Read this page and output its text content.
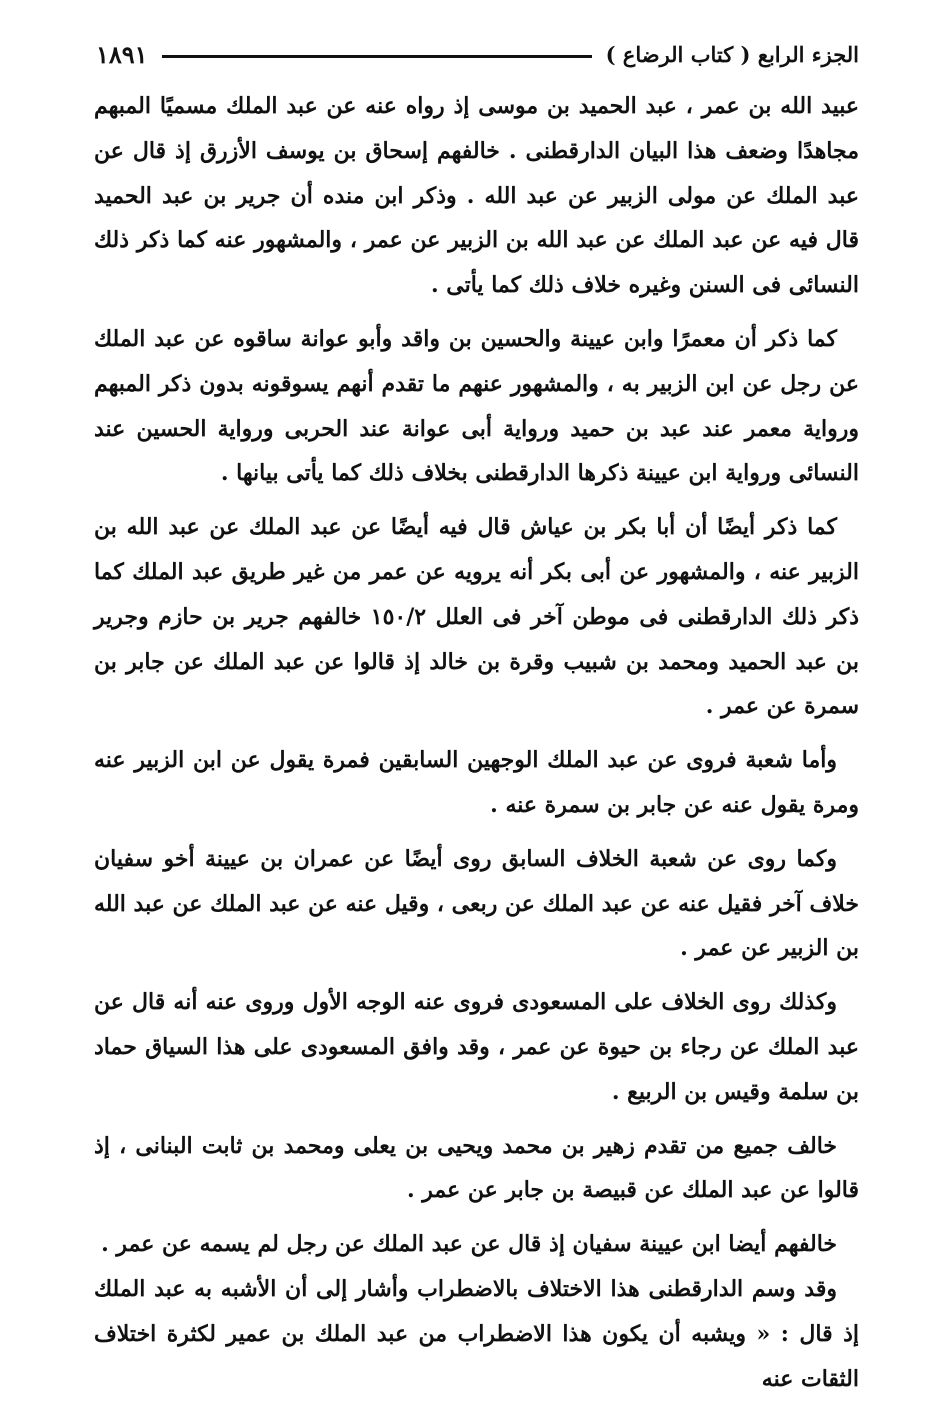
الجزء الرابع ( كتاب الرضاع )
١٨٩١

عبيد الله بن عمر ، عبد الحميد بن موسى إذ رواه عنه عن عبد الملك مسميًا المبهم مجاهدًا وضعف هذا البيان الدارقطنى . خالفهم إسحاق بن يوسف الأزرق إذ قال عن عبد الملك عن مولى الزبير عن عبد الله . وذكر ابن منده أن جرير بن عبد الحميد قال فيه عن عبد الملك عن عبد الله بن الزبير عن عمر ، والمشهور عنه كما ذكر ذلك النسائى فى السنن وغيره خلاف ذلك كما يأتى .

كما ذكر أن معمرًا وابن عيينة والحسين بن واقد وأبو عوانة ساقوه عن عبد الملك عن رجل عن ابن الزبير به ، والمشهور عنهم ما تقدم أنهم يسوقونه بدون ذكر المبهم ورواية معمر عند عبد بن حميد ورواية أبى عوانة عند الحربى ورواية الحسين عند النسائى ورواية ابن عيينة ذكرها الدارقطنى بخلاف ذلك كما يأتى بيانها .

كما ذكر أيضًا أن أبا بكر بن عياش قال فيه أيضًا عن عبد الملك عن عبد الله بن الزبير عنه ، والمشهور عن أبى بكر أنه يرويه عن عمر من غير طريق عبد الملك كما ذكر ذلك الدارقطنى فى موطن آخر فى العلل ١٥٠/٢ خالفهم جرير بن حازم وجرير بن عبد الحميد ومحمد بن شبيب وقرة بن خالد إذ قالوا عن عبد الملك عن جابر بن سمرة عن عمر .

وأما شعبة فروى عن عبد الملك الوجهين السابقين فمرة يقول عن ابن الزبير عنه ومرة يقول عنه عن جابر بن سمرة عنه .

وكما روى عن شعبة الخلاف السابق روى أيضًا عن عمران بن عيينة أخو سفيان خلاف آخر فقيل عنه عن عبد الملك عن ربعى ، وقيل عنه عن عبد الملك عن عبد الله بن الزبير عن عمر .

وكذلك روى الخلاف على المسعودى فروى عنه الوجه الأول وروى عنه أنه قال عن عبد الملك عن رجاء بن حيوة عن عمر ، وقد وافق المسعودى على هذا السياق حماد بن سلمة وقيس بن الربيع .

خالف جميع من تقدم زهير بن محمد ويحيى بن يعلى ومحمد بن ثابت البنانى ، إذ قالوا عن عبد الملك عن قبيصة بن جابر عن عمر .

خالفهم أيضا ابن عيينة سفيان إذ قال عن عبد الملك عن رجل لم يسمه عن عمر .

وقد وسم الدارقطنى هذا الاختلاف بالاضطراب وأشار إلى أن الأشبه به عبد الملك إذ قال : « ويشبه أن يكون هذا الاضطراب من عبد الملك بن عمير لكثرة اختلاف الثقات عنه
